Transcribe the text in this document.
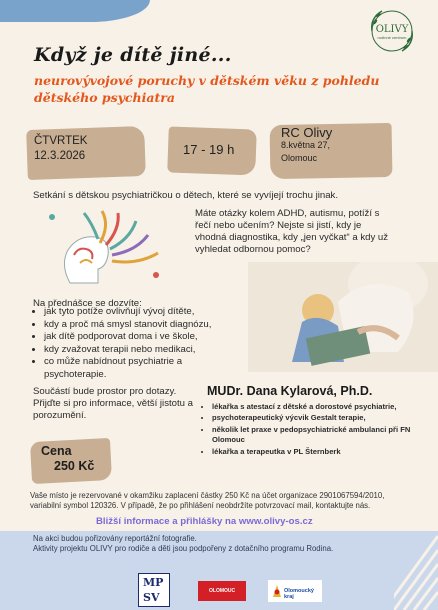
OLIVY
rodinné centrum
Když je dítě jiné...
neurovývojové poruchy v dětském věku z pohledu dětského psychiatra
ČTVRTEK
12.3.2026	17 - 19 h
RC Olivy
8.května 27,
Olomouc
Setkání s dětskou psychiatričkou o dětech, které se vyvíjejí trochu jinak.
Máte otázky kolem ADHD, autismu, potíží s řečí nebo učením? Nejste si jistí, kdy je vhodná diagnostika, kdy „jen vyčkat“ a kdy už vyhledat odbornou pomoc?
Na přednášce se dozvíte:
• jak tyto potíže ovlivňují vývoj dítěte,
• kdy a proč má smysl stanovit diagnózu,
• jak dítě podporovat doma i ve škole,
• kdy zvažovat terapii nebo medikaci,
• co může nabídnout psychiatrie a psychoterapie.
Součástí bude prostor pro dotazy. Přijďte si pro informace, větší jistotu a porozumění.
MUDr. Dana Kylarová, Ph.D.
• lékařka s atestací z dětské a dorostové psychiatrie,
• psychoterapeutický výcvik Gestalt terapie,
• několik let praxe v pedopsychiatrické ambulanci při FN Olomouc
• lékařka a terapeutka v PL Šternberk
Cena
250 Kč
Vaše místo je rezervované v okamžiku zaplacení částky 250 Kč na účet organizace 2901067594/2010, variabilní symbol 120326. V případě, že po přihlášení neobdržíte potvrzovací mail, kontaktujte nás.
Bližší informace a přihlášky na www.olivy-os.cz
Na akci budou pořizovány reportážní fotografie.
Aktivity projektu OLIVY pro rodiče a děti jsou podpořeny z dotačního programu Rodina.
MP
SV	OLOMOUC	Olomoucký kraj
